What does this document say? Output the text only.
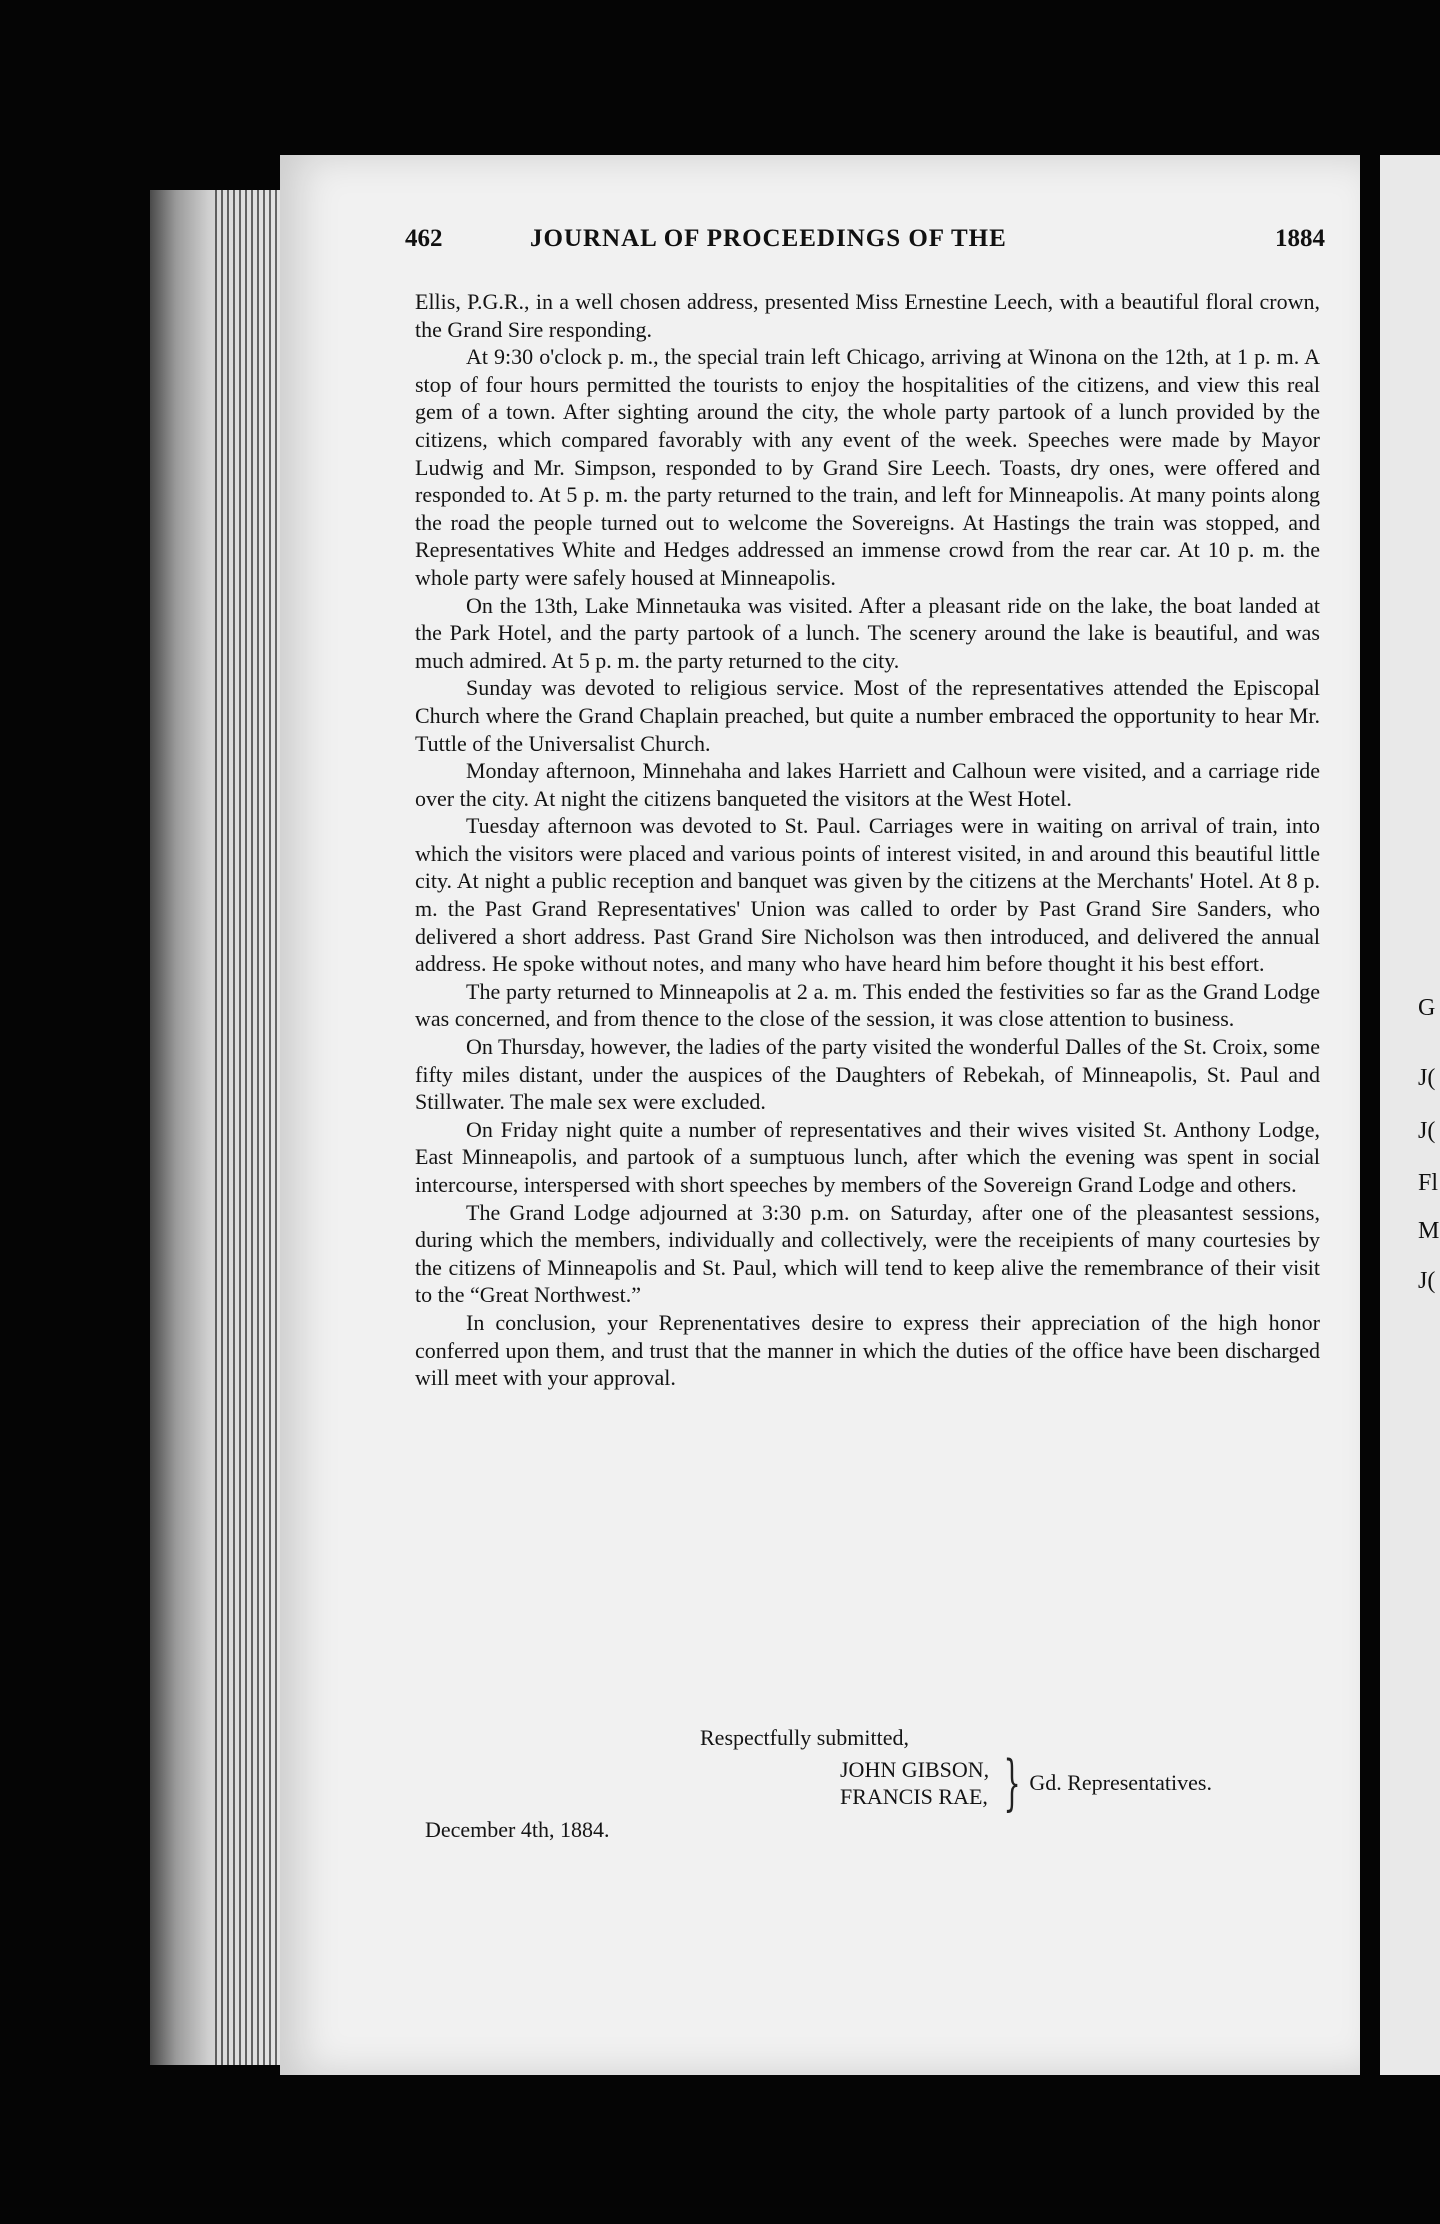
G
J(
J(
Fl
M
J(
462	JOURNAL OF PROCEEDINGS OF THE	1884

Ellis, P.G.R., in a well chosen address, presented Miss Ernestine Leech, with a beautiful floral crown, the Grand Sire responding.

At 9:30 o'clock p. m., the special train left Chicago, arriving at Winona on the 12th, at 1 p. m. A stop of four hours permitted the tourists to enjoy the hospitalities of the citizens, and view this real gem of a town. After sighting around the city, the whole party partook of a lunch provided by the citizens, which compared favorably with any event of the week. Speeches were made by Mayor Ludwig and Mr. Simpson, responded to by Grand Sire Leech. Toasts, dry ones, were offered and responded to. At 5 p. m. the party returned to the train, and left for Minneapolis. At many points along the road the people turned out to welcome the Sovereigns. At Hastings the train was stopped, and Representatives White and Hedges addressed an immense crowd from the rear car. At 10 p. m. the whole party were safely housed at Minneapolis.

On the 13th, Lake Minnetauka was visited. After a pleasant ride on the lake, the boat landed at the Park Hotel, and the party partook of a lunch. The scenery around the lake is beautiful, and was much admired. At 5 p. m. the party returned to the city.

Sunday was devoted to religious service. Most of the representatives attended the Episcopal Church where the Grand Chaplain preached, but quite a number embraced the opportunity to hear Mr. Tuttle of the Universalist Church.

Monday afternoon, Minnehaha and lakes Harriett and Calhoun were visited, and a carriage ride over the city. At night the citizens banqueted the visitors at the West Hotel.

Tuesday afternoon was devoted to St. Paul. Carriages were in waiting on arrival of train, into which the visitors were placed and various points of interest visited, in and around this beautiful little city. At night a public reception and banquet was given by the citizens at the Merchants' Hotel. At 8 p. m. the Past Grand Representatives' Union was called to order by Past Grand Sire Sanders, who delivered a short address. Past Grand Sire Nicholson was then introduced, and delivered the annual address. He spoke without notes, and many who have heard him before thought it his best effort.

The party returned to Minneapolis at 2 a. m. This ended the festivities so far as the Grand Lodge was concerned, and from thence to the close of the session, it was close attention to business.

On Thursday, however, the ladies of the party visited the wonderful Dalles of the St. Croix, some fifty miles distant, under the auspices of the Daughters of Rebekah, of Minneapolis, St. Paul and Stillwater. The male sex were excluded.

On Friday night quite a number of representatives and their wives visited St. Anthony Lodge, East Minneapolis, and partook of a sumptuous lunch, after which the evening was spent in social intercourse, interspersed with short speeches by members of the Sovereign Grand Lodge and others.

The Grand Lodge adjourned at 3:30 p.m. on Saturday, after one of the pleasantest sessions, during which the members, individually and collectively, were the receipients of many courtesies by the citizens of Minneapolis and St. Paul, which will tend to keep alive the remembrance of their visit to the “Great Northwest.”

In conclusion, your Reprenentatives desire to express their appreciation of the high honor conferred upon them, and trust that the manner in which the duties of the office have been discharged will meet with your approval.

Respectfully submitted,
JOHN GIBSON,
FRANCIS RAE, } Gd. Representatives.
December 4th, 1884.
